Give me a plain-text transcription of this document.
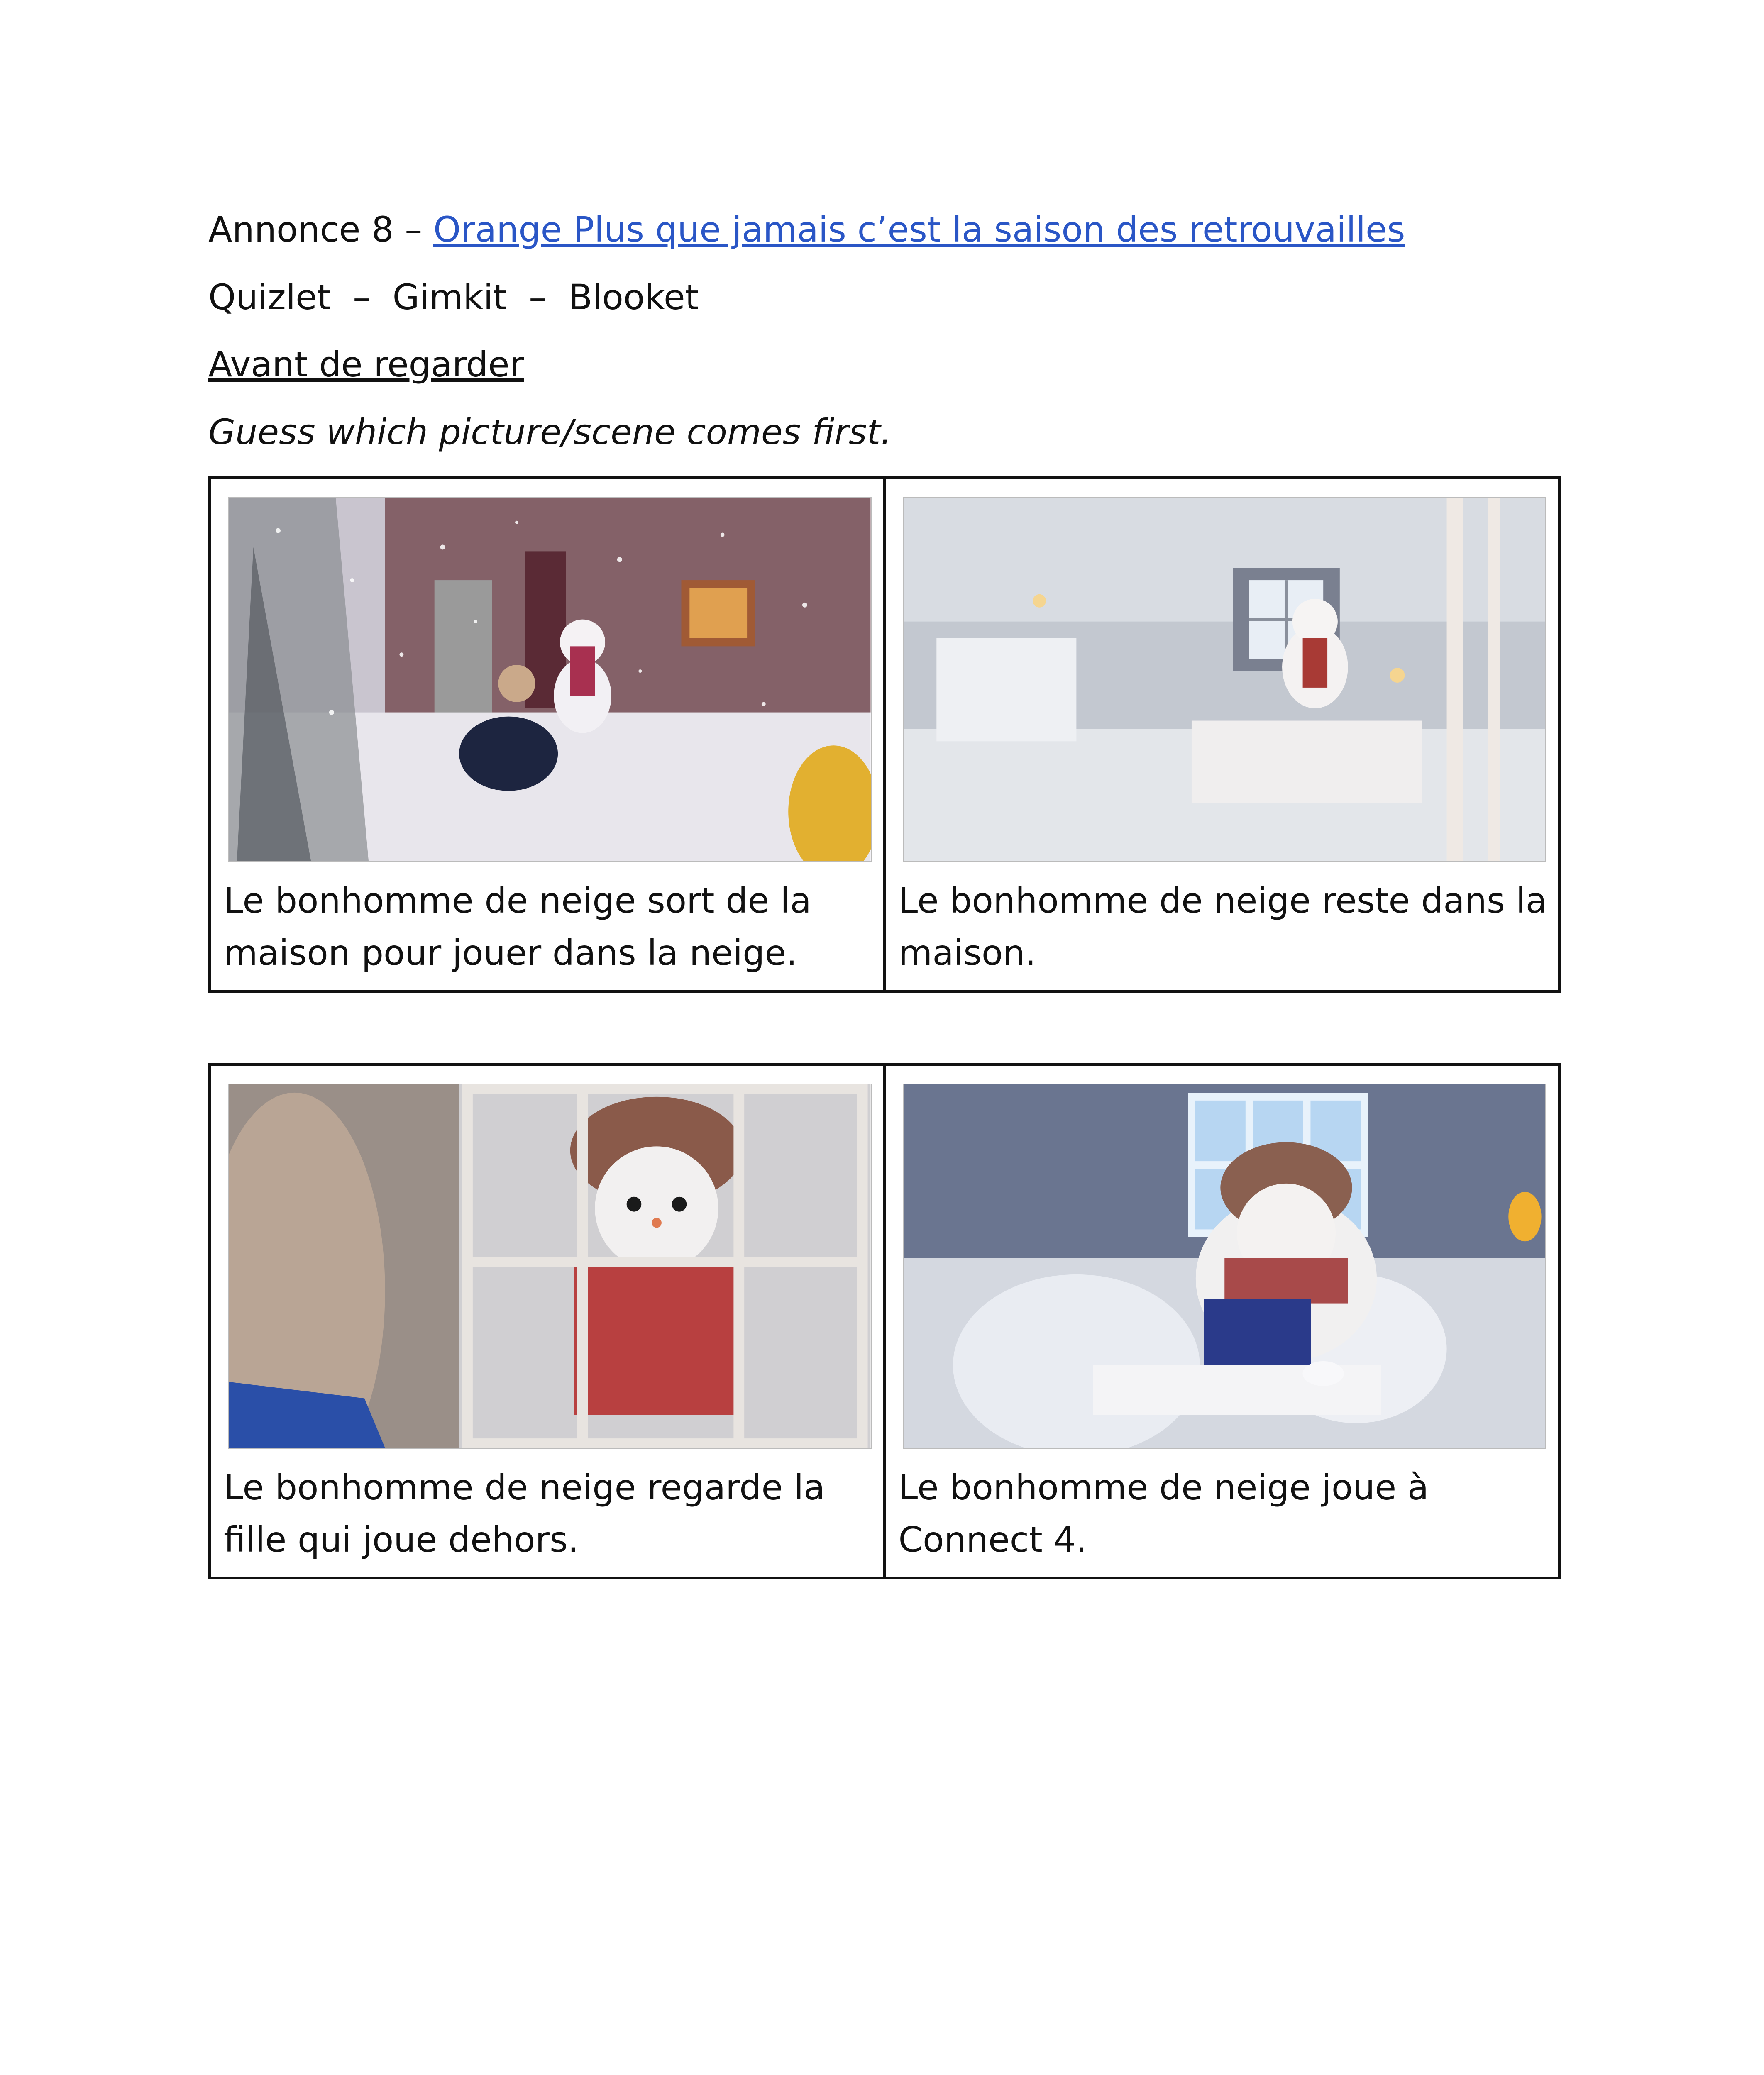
Annonce 8 – Orange Plus que jamais c’est la saison des retrouvailles
Quizlet  –  Gimkit  –  Blooket
Avant de regarder
Guess which picture/scene comes first.
Le bonhomme de neige sort de la maison pour jouer dans la neige.

Le bonhomme de neige reste dans la maison.
Le bonhomme de neige regarde la fille qui joue dehors.

Le bonhomme de neige joue à Connect 4.
